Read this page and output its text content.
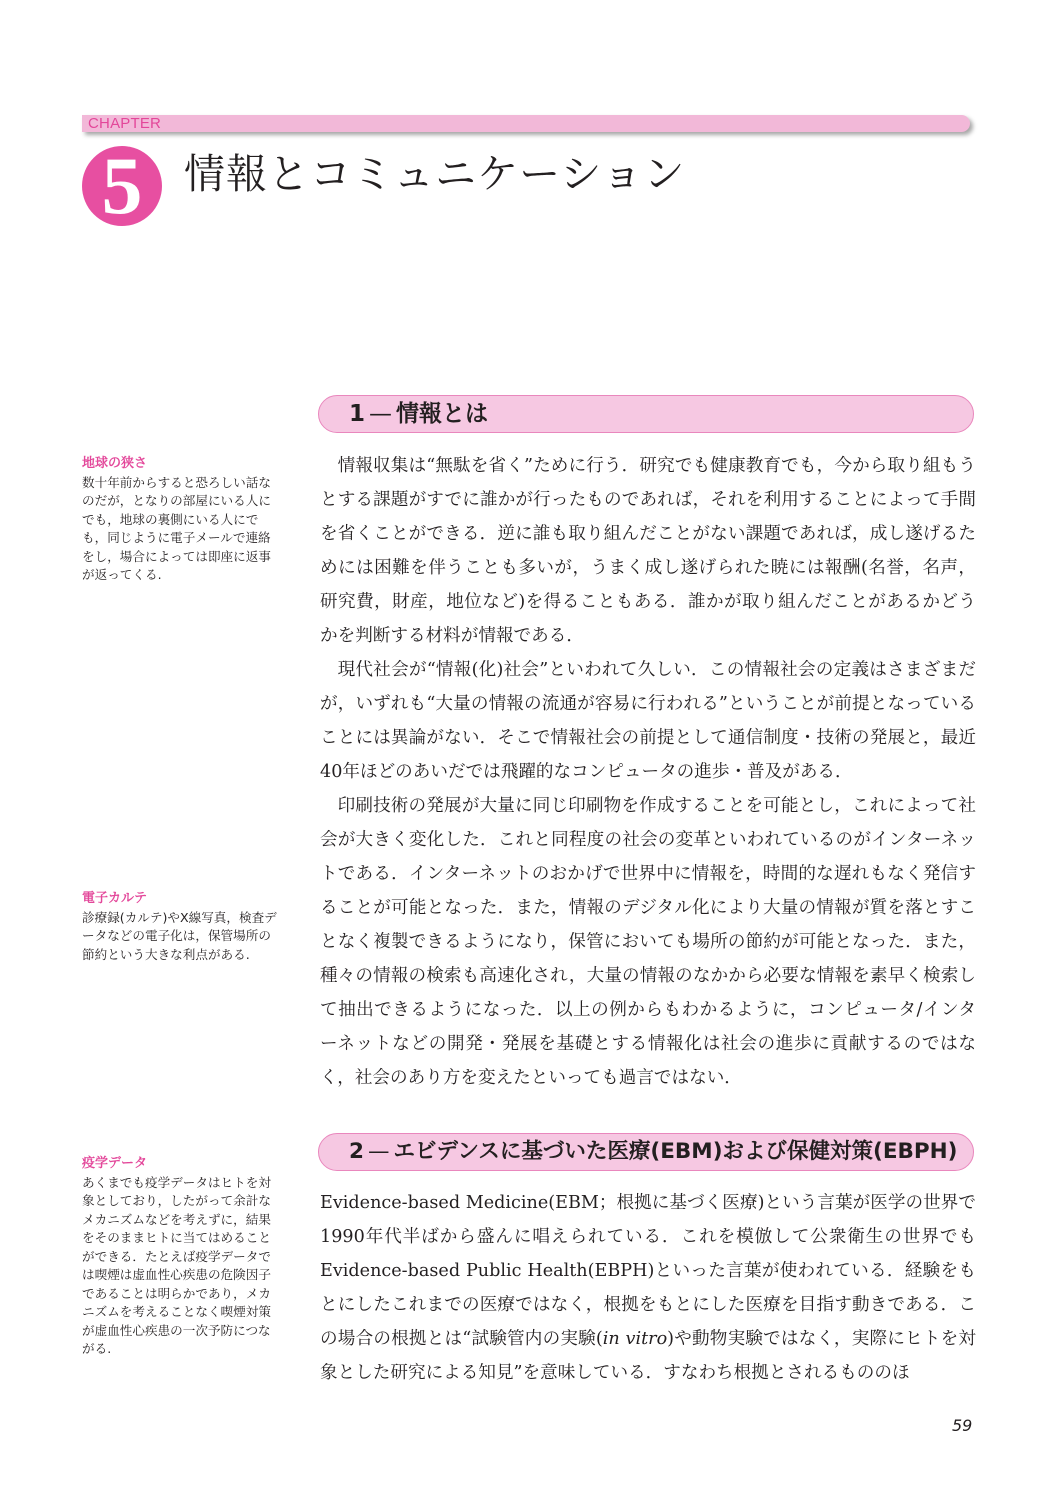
CHAPTER
5	情報とコミュニケーション
1 — 情報とは

情報収集は“無駄を省く”ために行う．研究でも健康教育でも，今から取り組もうとする課題がすでに誰かが行ったものであれば，それを利用することによって手間を省くことができる．逆に誰も取り組んだことがない課題であれば，成し遂げるためには困難を伴うことも多いが，うまく成し遂げられた暁には報酬(名誉，名声，研究費，財産，地位など)を得ることもある．誰かが取り組んだことがあるかどうかを判断する材料が情報である．

現代社会が“情報(化)社会”といわれて久しい．この情報社会の定義はさまざまだが，いずれも“大量の情報の流通が容易に行われる”ということが前提となっていることには異論がない．そこで情報社会の前提として通信制度・技術の発展と，最近40年ほどのあいだでは飛躍的なコンピュータの進歩・普及がある．

印刷技術の発展が大量に同じ印刷物を作成することを可能とし，これによって社会が大きく変化した．これと同程度の社会の変革といわれているのがインターネットである．インターネットのおかげで世界中に情報を，時間的な遅れもなく発信することが可能となった．また，情報のデジタル化により大量の情報が質を落とすことなく複製できるようになり，保管においても場所の節約が可能となった．また，種々の情報の検索も高速化され，大量の情報のなかから必要な情報を素早く検索して抽出できるようになった．以上の例からもわかるように，コンピュータ/インターネットなどの開発・発展を基礎とする情報化は社会の進歩に貢献するのではなく，社会のあり方を変えたといっても過言ではない．

2 — エビデンスに基づいた医療(EBM)および保健対策(EBPH)

Evidence-based Medicine(EBM；根拠に基づく医療)という言葉が医学の世界で1990年代半ばから盛んに唱えられている．これを模倣して公衆衛生の世界でもEvidence-based Public Health(EBPH)といった言葉が使われている．経験をもとにしたこれまでの医療ではなく，根拠をもとにした医療を目指す動きである．この場合の根拠とは“試験管内の実験(in vitro)や動物実験ではなく，実際にヒトを対象とした研究による知見”を意味している．すなわち根拠とされるもののほ

地球の狭さ
数十年前からすると恐ろしい話なのだが，となりの部屋にいる人にでも，地球の裏側にいる人にでも，同じように電子メールで連絡をし，場合によっては即座に返事が返ってくる.
電子カルテ
診療録(カルテ)やX線写真，検査データなどの電子化は，保管場所の節約という大きな利点がある.
疫学データ
あくまでも疫学データはヒトを対象としており，したがって余計なメカニズムなどを考えずに，結果をそのままヒトに当てはめることができる．たとえば疫学データでは喫煙は虚血性心疾患の危険因子であることは明らかであり，メカニズムを考えることなく喫煙対策が虚血性心疾患の一次予防につながる.
59
